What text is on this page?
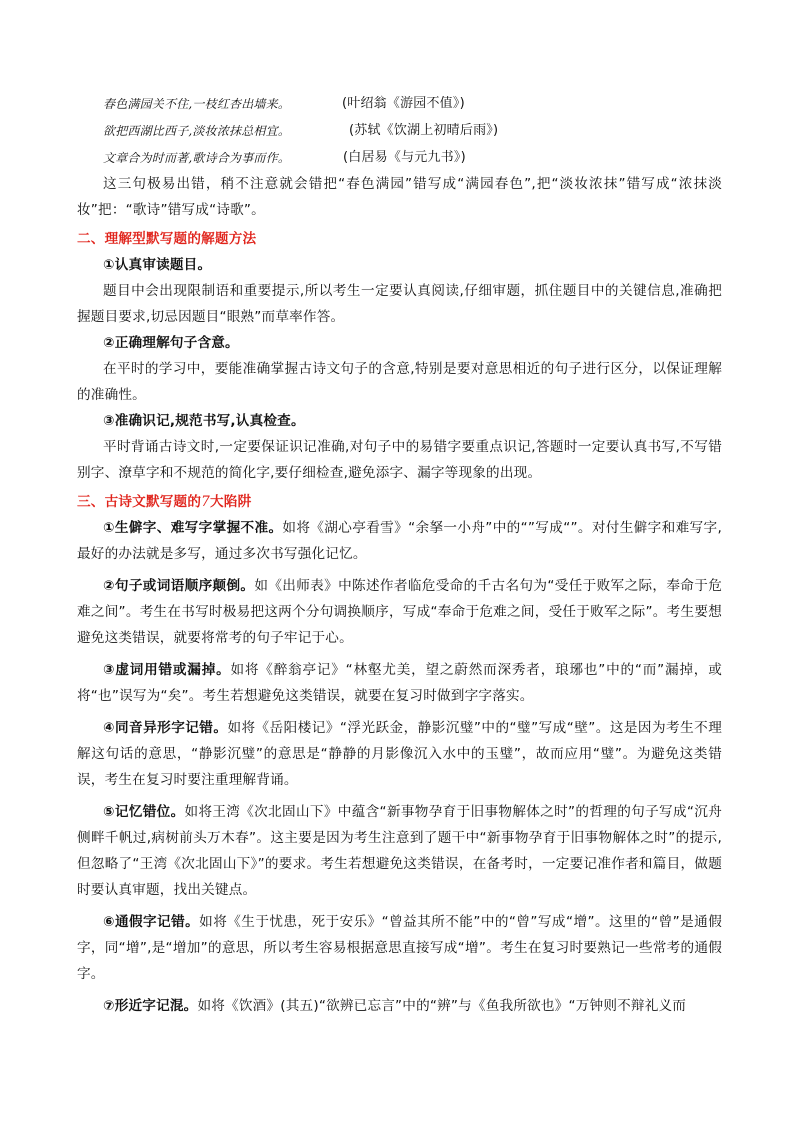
春色满园关不住,一枝红杏出墙来。	(叶绍翁《游园不值》)
欲把西湖比西子,淡妆浓抹总相宜。	(苏轼《饮湖上初晴后雨》)
文章合为时而著,歌诗合为事而作。	(白居易《与元九书》)

这三句极易出错，稍不注意就会错把“春色满园”错写成“满园春色”,把“淡妆浓抹”错写成“浓抹淡妆”把：“歌诗”错写成“诗歌”。

二、理解型默写题的解题方法

①认真审读题目。

题目中会出现限制语和重要提示,所以考生一定要认真阅读,仔细审题，抓住题目中的关键信息,准确把握题目要求,切忌因题目“眼熟”而草率作答。

②正确理解句子含意。

在平时的学习中，要能准确掌握古诗文句子的含意,特别是要对意思相近的句子进行区分，以保证理解的准确性。

③准确识记,规范书写,认真检查。

平时背诵古诗文时,一定要保证识记准确,对句子中的易错字要重点识记,答题时一定要认真书写,不写错别字、潦草字和不规范的简化字,要仔细检查,避免添字、漏字等现象的出现。

三、古诗文默写题的7大陷阱

①生僻字、难写字掌握不准。如将《湖心亭看雪》“余拏一小舟”中的“”写成“”。对付生僻字和难写字,最好的办法就是多写，通过多次书写强化记忆。

②句子或词语顺序颠倒。如《出师表》中陈述作者临危受命的千古名句为“受任于败军之际，奉命于危难之间”。考生在书写时极易把这两个分句调换顺序，写成“奉命于危难之间，受任于败军之际”。考生要想避免这类错误，就要将常考的句子牢记于心。

③虚词用错或漏掉。如将《醉翁亭记》“林壑尤美，望之蔚然而深秀者，琅琊也”中的“而”漏掉，或将“也”误写为“矣”。考生若想避免这类错误，就要在复习时做到字字落实。

④同音异形字记错。如将《岳阳楼记》“浮光跃金，静影沉璧”中的“璧”写成“壁”。这是因为考生不理解这句话的意思，“静影沉璧”的意思是“静静的月影像沉入水中的玉璧”，故而应用“璧”。为避免这类错误，考生在复习时要注重理解背诵。

⑤记忆错位。如将王湾《次北固山下》中蕴含“新事物孕育于旧事物解体之时”的哲理的句子写成“沉舟侧畔千帆过,病树前头万木春”。这主要是因为考生注意到了题干中“新事物孕育于旧事物解体之时”的提示,但忽略了“王湾《次北固山下》”的要求。考生若想避免这类错误，在备考时，一定要记准作者和篇目，做题时要认真审题，找出关键点。

⑥通假字记错。如将《生于忧患，死于安乐》“曾益其所不能”中的“曾”写成“增”。这里的“曾”是通假字，同“增”,是“增加”的意思，所以考生容易根据意思直接写成“增”。考生在复习时要熟记一些常考的通假字。

⑦形近字记混。如将《饮酒》(其五)“欲辨已忘言”中的“辨”与《鱼我所欲也》“万钟则不辩礼义而
